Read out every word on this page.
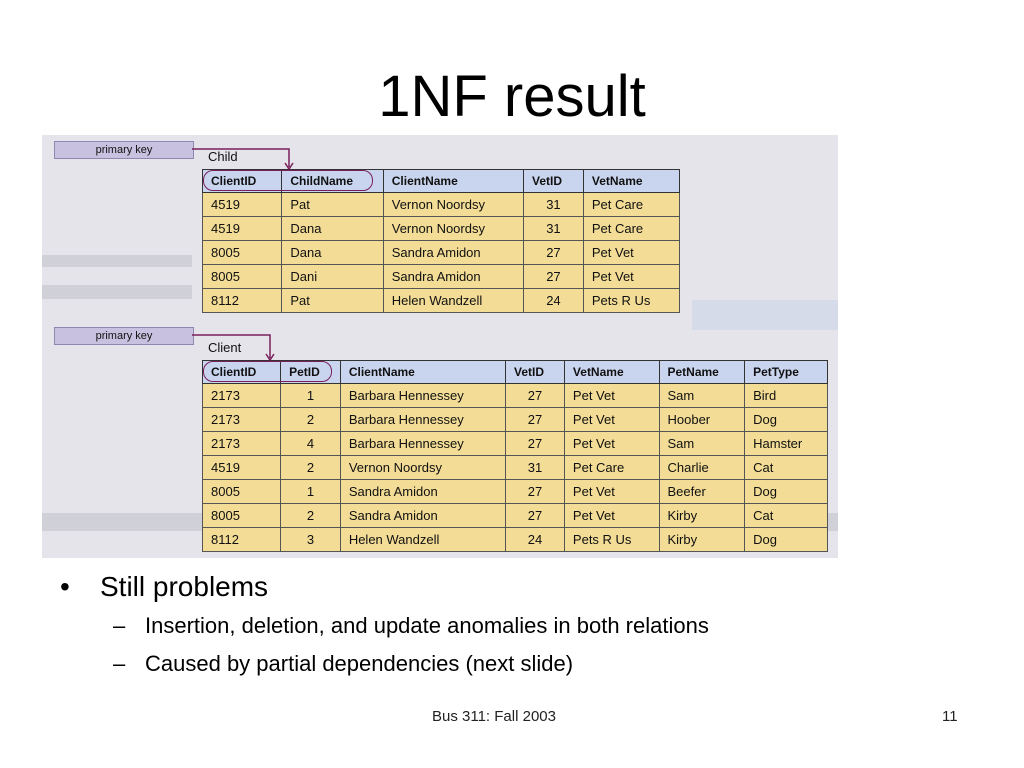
1NF result
primary key	Child
ClientID	ChildName	ClientName	VetID	VetName
4519	Pat	Vernon Noordsy	31	Pet Care
4519	Dana	Vernon Noordsy	31	Pet Care
8005	Dana	Sandra Amidon	27	Pet Vet
8005	Dani	Sandra Amidon	27	Pet Vet
8112	Pat	Helen Wandzell	24	Pets R Us
primary key
Client
ClientID	PetID	ClientName	VetID	VetName	PetName	PetType
2173	1	Barbara Hennessey	27	Pet Vet	Sam	Bird
2173	2	Barbara Hennessey	27	Pet Vet	Hoober	Dog
2173	4	Barbara Hennessey	27	Pet Vet	Sam	Hamster
4519	2	Vernon Noordsy	31	Pet Care	Charlie	Cat
8005	1	Sandra Amidon	27	Pet Vet	Beefer	Dog
8005	2	Sandra Amidon	27	Pet Vet	Kirby	Cat
8112	3	Helen Wandzell	24	Pets R Us	Kirby	Dog
• Still problems
– Insertion, deletion, and update anomalies in both relations
– Caused by partial dependencies (next slide)
Bus 311: Fall 2003	11
